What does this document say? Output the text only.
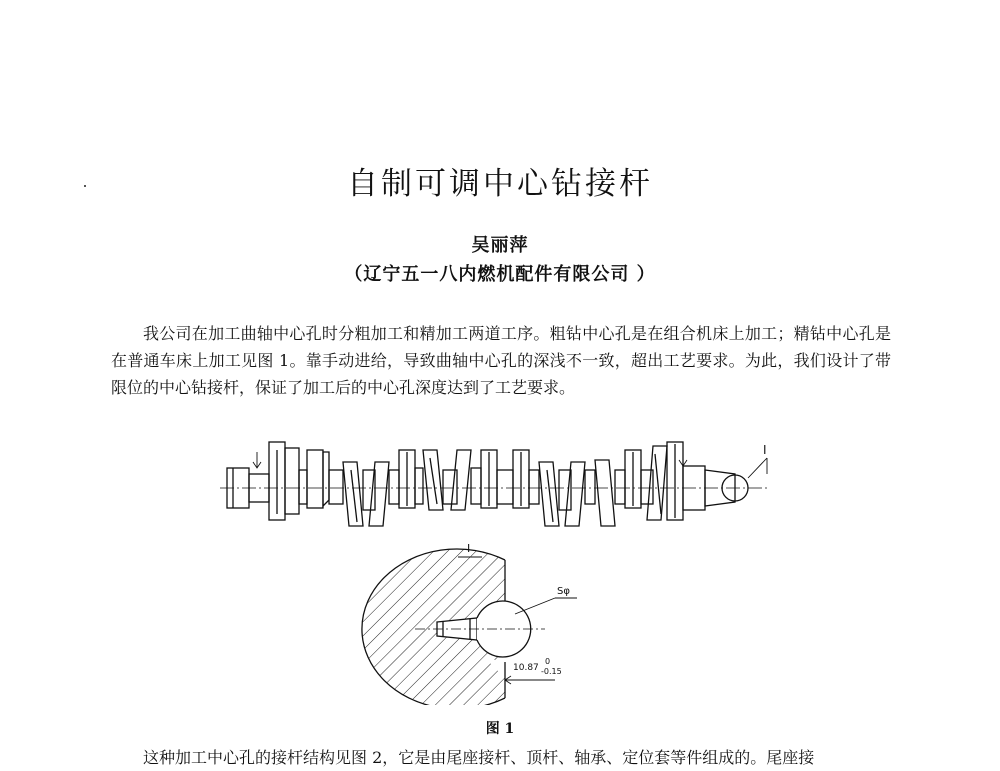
自制可调中心钻接杆
吴丽萍
（辽宁五一八内燃机配件有限公司 ）

我公司在加工曲轴中心孔时分粗加工和精加工两道工序。粗钻中心孔是在组合机床上加工；精钻中心孔是在普通车床上加工见图 1。靠手动进给，导致曲轴中心孔的深浅不一致，超出工艺要求。为此，我们设计了带限位的中心钻接杆，保证了加工后的中心孔深度达到了工艺要求。

I
I
Sφ
10.87
0
-0.15
图 1

这种加工中心孔的接杆结构见图 2，它是由尾座接杆、顶杆、轴承、定位套等件组成的。尾座接
